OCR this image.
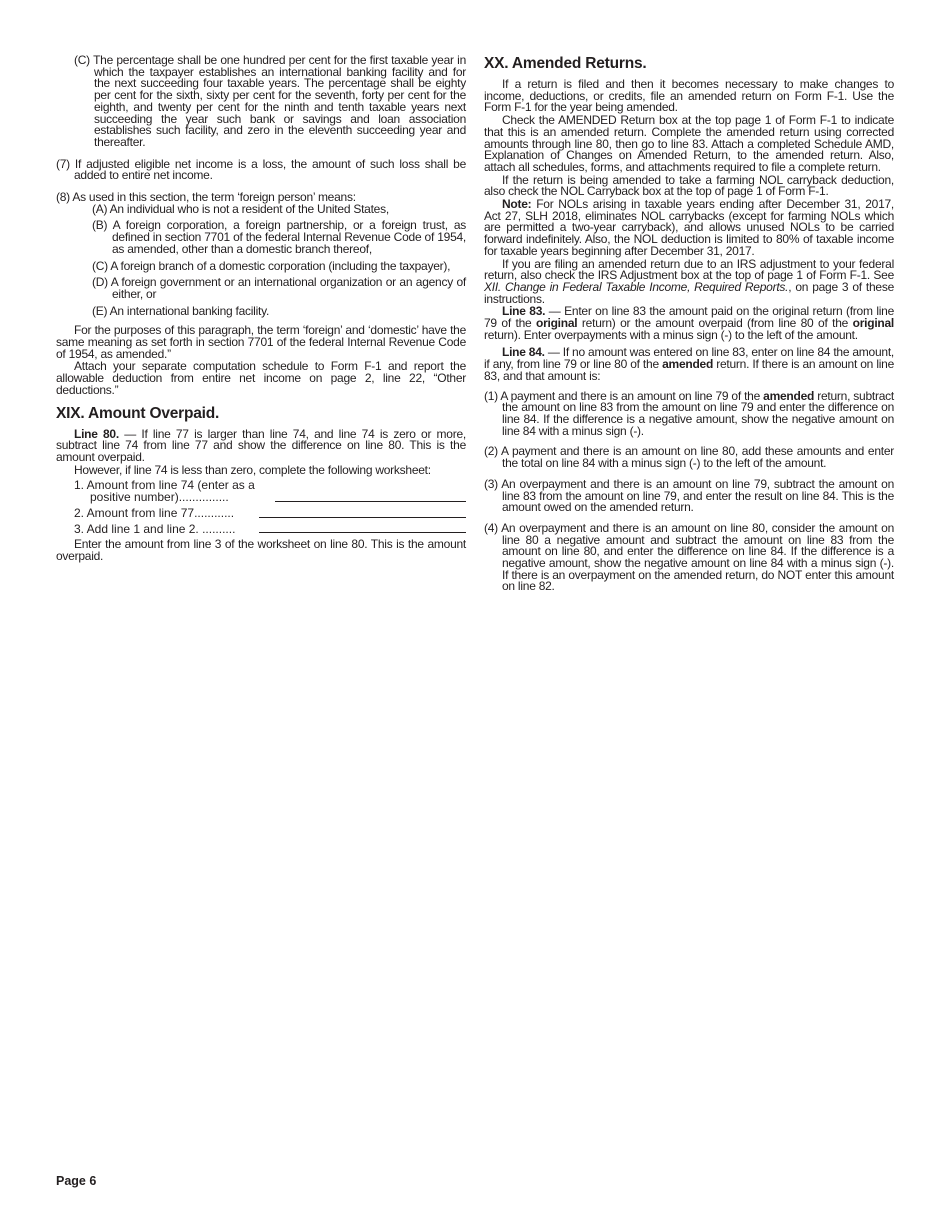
(C) The percentage shall be one hundred per cent for the first taxable year in which the taxpayer establishes an international banking facility and for the next succeeding four taxable years. The percentage shall be eighty per cent for the sixth, sixty per cent for the seventh, forty per cent for the eighth, and twenty per cent for the ninth and tenth taxable years next succeeding the year such bank or savings and loan association establishes such facility, and zero in the eleventh succeeding year and thereafter.

(7) If adjusted eligible net income is a loss, the amount of such loss shall be added to entire net income.

(8) As used in this section, the term ‘foreign person’ means:

(A) An individual who is not a resident of the United States,

(B) A foreign corporation, a foreign partnership, or a foreign trust, as defined in section 7701 of the federal Internal Revenue Code of 1954, as amended, other than a domestic branch thereof,

(C) A foreign branch of a domestic corporation (including the taxpayer),

(D) A foreign government or an international organization or an agency of either, or

(E) An international banking facility.

For the purposes of this paragraph, the term ‘foreign’ and ‘domestic’ have the same meaning as set forth in section 7701 of the federal Internal Revenue Code of 1954, as amended.”

Attach your separate computation schedule to Form F-1 and report the allowable deduction from entire net income on page 2, line 22, “Other deductions.”

XIX. Amount Overpaid.

Line 80. — If line 77 is larger than line 74, and line 74 is zero or more, subtract line 74 from line 77 and show the difference on line 80. This is the amount overpaid.

However, if line 74 is less than zero, complete the following worksheet:

1. Amount from line 74 (enter as a positive number)...............
2. Amount from line 77............
3. Add line 1 and line 2. ..........

Enter the amount from line 3 of the worksheet on line 80. This is the amount overpaid.

XX. Amended Returns.

If a return is filed and then it becomes necessary to make changes to income, deductions, or credits, file an amended return on Form F-1. Use the Form F-1 for the year being amended.

Check the AMENDED Return box at the top page 1 of Form F-1 to indicate that this is an amended return. Complete the amended return using corrected amounts through line 80, then go to line 83. Attach a completed Schedule AMD, Explanation of Changes on Amended Return, to the amended return. Also, attach all schedules, forms, and attachments required to file a complete return.

If the return is being amended to take a farming NOL carryback deduction, also check the NOL Carryback box at the top of page 1 of Form F-1.

Note: For NOLs arising in taxable years ending after December 31, 2017, Act 27, SLH 2018, eliminates NOL carrybacks (except for farming NOLs which are permitted a two-year carryback), and allows unused NOLs to be carried forward indefinitely. Also, the NOL deduction is limited to 80% of taxable income for taxable years beginning after December 31, 2017.

If you are filing an amended return due to an IRS adjustment to your federal return, also check the IRS Adjustment box at the top of page 1 of Form F-1. See XII. Change in Federal Taxable Income, Required Reports., on page 3 of these instructions.

Line 83. — Enter on line 83 the amount paid on the original return (from line 79 of the original return) or the amount overpaid (from line 80 of the original return). Enter overpayments with a minus sign (-) to the left of the amount.

Line 84. — If no amount was entered on line 83, enter on line 84 the amount, if any, from line 79 or line 80 of the amended return. If there is an amount on line 83, and that amount is:

(1) A payment and there is an amount on line 79 of the amended return, subtract the amount on line 83 from the amount on line 79 and enter the difference on line 84. If the difference is a negative amount, show the negative amount on line 84 with a minus sign (-).

(2) A payment and there is an amount on line 80, add these amounts and enter the total on line 84 with a minus sign (-) to the left of the amount.

(3) An overpayment and there is an amount on line 79, subtract the amount on line 83 from the amount on line 79, and enter the result on line 84. This is the amount owed on the amended return.

(4) An overpayment and there is an amount on line 80, consider the amount on line 80 a negative amount and subtract the amount on line 83 from the amount on line 80, and enter the difference on line 84. If the difference is a negative amount, show the negative amount on line 84 with a minus sign (-). If there is an overpayment on the amended return, do NOT enter this amount on line 82.

Page 6
